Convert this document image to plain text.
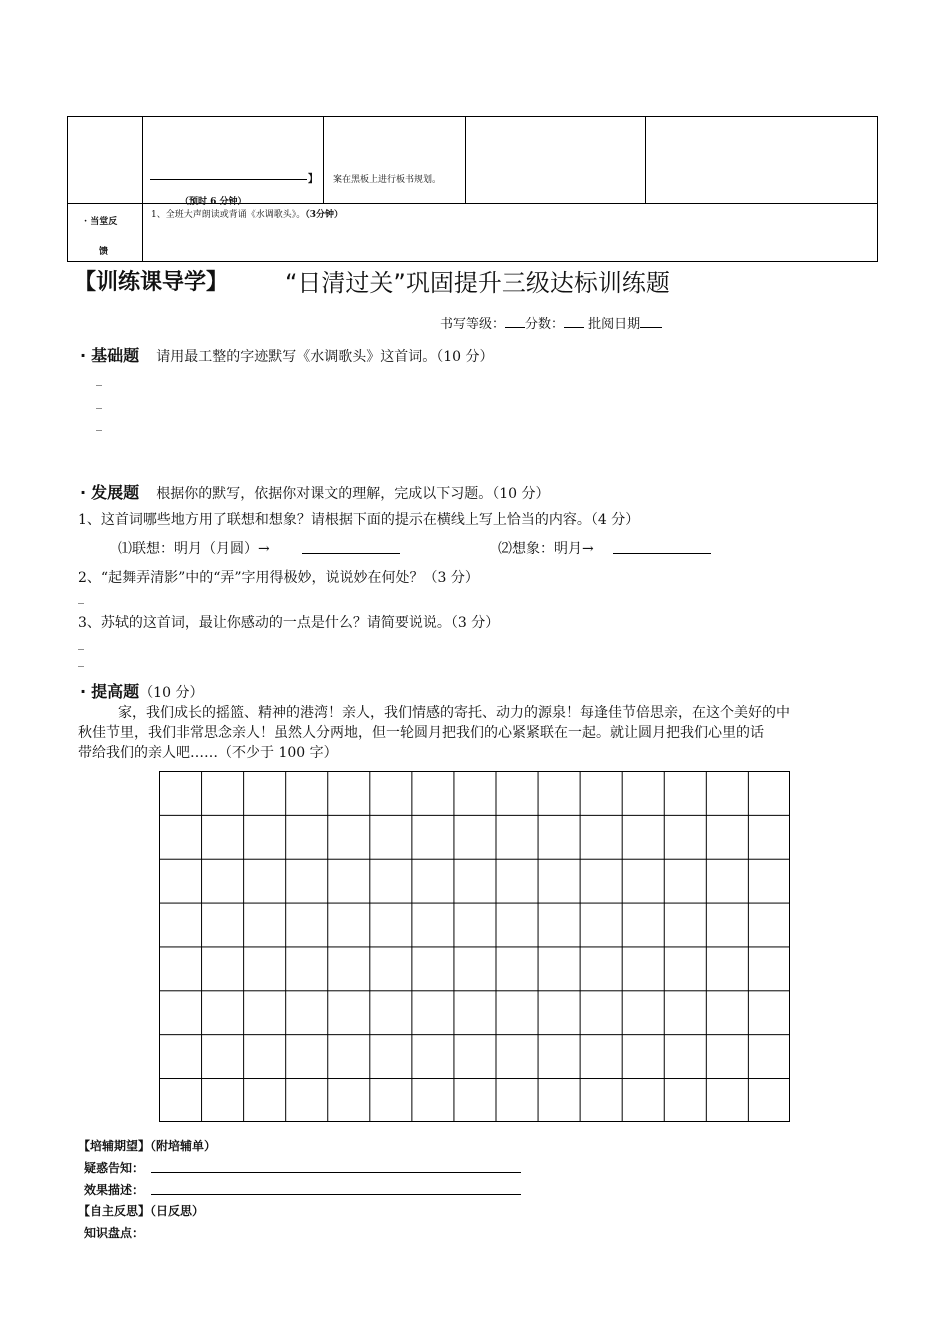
】
（预时 6 分钟）
案在黑板上进行板书规划。
· 当堂反
馈
1、全班大声朗读或背诵《水调歌头》。（3分钟）
【训练课导学】 “日清过关”巩固提升三级达标训练题
书写等级： 分数： 批阅日期
· 基础题 请用最工整的字迹默写《水调歌头》这首词。（10 分）
_
_
_
· 发展题 根据你的默写，依据你对课文的理解，完成以下习题。（10 分）
1、这首词哪些地方用了联想和想象？请根据下面的提示在横线上写上恰当的内容。（4 分）
⑴联想：明月（月圆）→	⑵想象：明月→
2、“起舞弄清影”中的“弄”字用得极妙，说说妙在何处？（3 分）
_
3、苏轼的这首词，最让你感动的一点是什么？请简要说说。（3 分）
_
_
· 提高题（10 分）
家，我们成长的摇篮、精神的港湾！亲人，我们情感的寄托、动力的源泉！每逢佳节倍思亲，在这个美好的中
秋佳节里，我们非常思念亲人！虽然人分两地，但一轮圆月把我们的心紧紧联在一起。就让圆月把我们心里的话
带给我们的亲人吧……（不少于 100 字）
【培辅期望】（附培辅单）
疑惑告知：
效果描述：
【自主反思】（日反思）
知识盘点：
